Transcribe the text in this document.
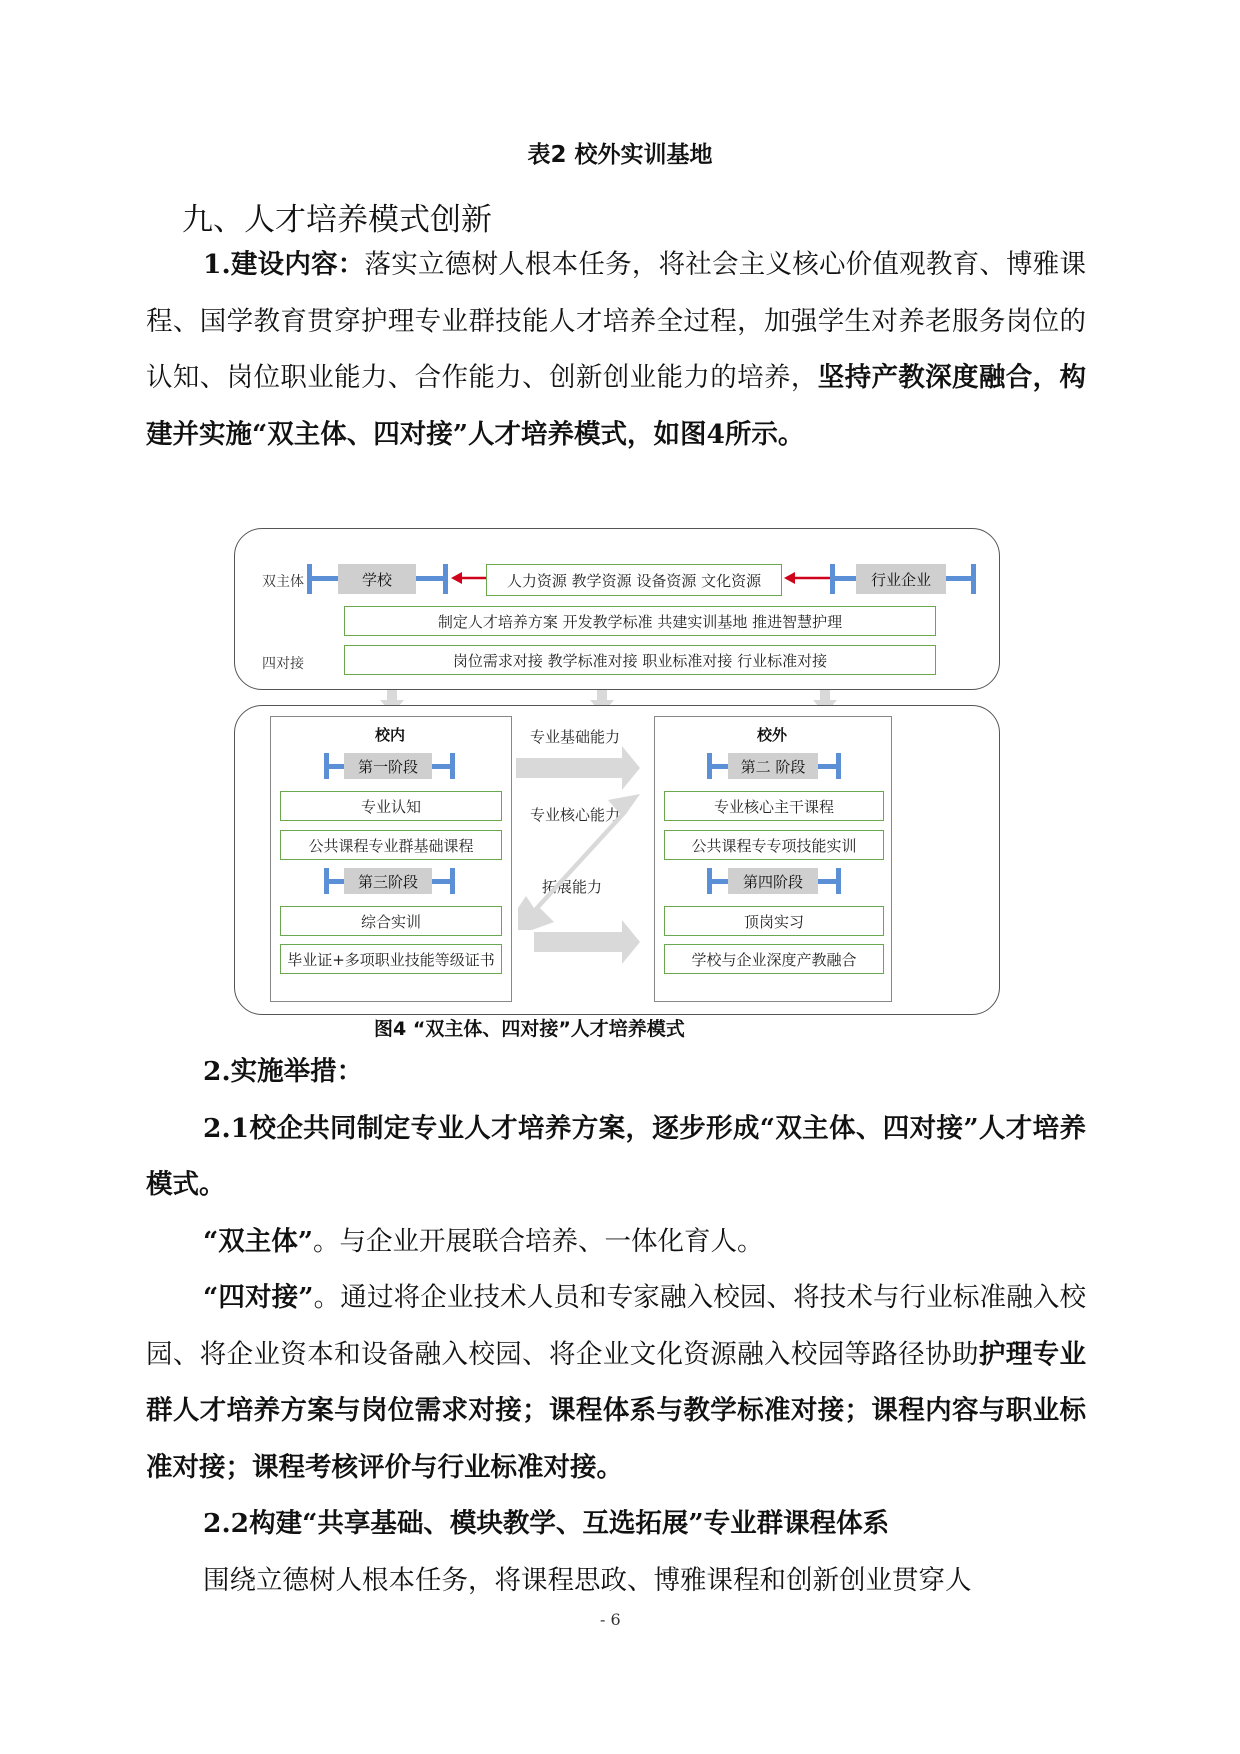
表2 校外实训基地
九、人才培养模式创新

1.建设内容：落实立德树人根本任务，将社会主义核心价值观教育、博雅课程、国学教育贯穿护理专业群技能人才培养全过程，加强学生对养老服务岗位的认知、岗位职业能力、合作能力、创新创业能力的培养，坚持产教深度融合，构建并实施“双主体、四对接”人才培养模式，如图4所示。

双主体
四对接
学校	人力资源 教学资源 设备资源 文化资源	行业企业
制定人才培养方案 开发教学标准 共建实训基地 推进智慧护理
岗位需求对接 教学标准对接 职业标准对接 行业标准对接
校内
第一阶段
专业认知
公共课程专业群基础课程
第三阶段
综合实训
毕业证+多项职业技能等级证书
专业基础能力
专业核心能力
拓展能力
校外
第二 阶段
专业核心主干课程
公共课程专专项技能实训
第四阶段
顶岗实习
学校与企业深度产教融合
图4 “双主体、四对接”人才培养模式

2.实施举措：

2.1校企共同制定专业人才培养方案，逐步形成“双主体、四对接”人才培养模式。

“双主体”。与企业开展联合培养、一体化育人。

“四对接”。通过将企业技术人员和专家融入校园、将技术与行业标准融入校园、将企业资本和设备融入校园、将企业文化资源融入校园等路径协助护理专业群人才培养方案与岗位需求对接；课程体系与教学标准对接；课程内容与职业标准对接；课程考核评价与行业标准对接。

2.2构建“共享基础、模块教学、互选拓展”专业群课程体系

围绕立德树人根本任务，将课程思政、博雅课程和创新创业贯穿人

- 6
